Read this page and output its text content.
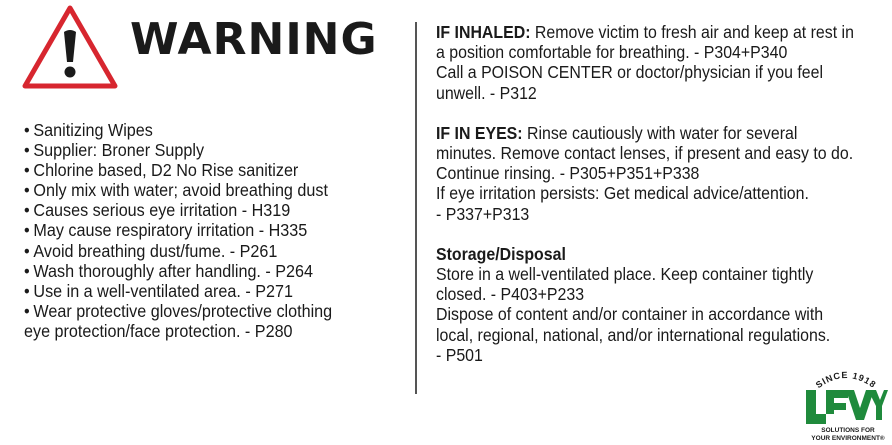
WARNING
• Sanitizing Wipes
• Supplier: Broner Supply
• Chlorine based, D2 No Rise sanitizer
• Only mix with water; avoid breathing dust
• Causes serious eye irritation - H319
• May cause respiratory irritation - H335
• Avoid breathing dust/fume. - P261
• Wash thoroughly after handling. - P264
• Use in a well-ventilated area. - P271
• Wear protective gloves/protective clothing
eye protection/face protection. - P280

IF INHALED: Remove victim to fresh air and keep at rest in

a position comfortable for breathing. - P304+P340

Call a POISON CENTER or doctor/physician if you feel

unwell. - P312

IF IN EYES: Rinse cautiously with water for several

minutes. Remove contact lenses, if present and easy to do.

Continue rinsing. - P305+P351+P338

If eye irritation persists: Get medical advice/attention.

- P337+P313

Storage/Disposal

Store in a well-ventilated place. Keep container tightly

closed. - P403+P233

Dispose of content and/or container in accordance with

local, regional, national, and/or international regulations.

- P501

SINCE 1918
SOLUTIONS FOR
YOUR ENVIRONMENT®
